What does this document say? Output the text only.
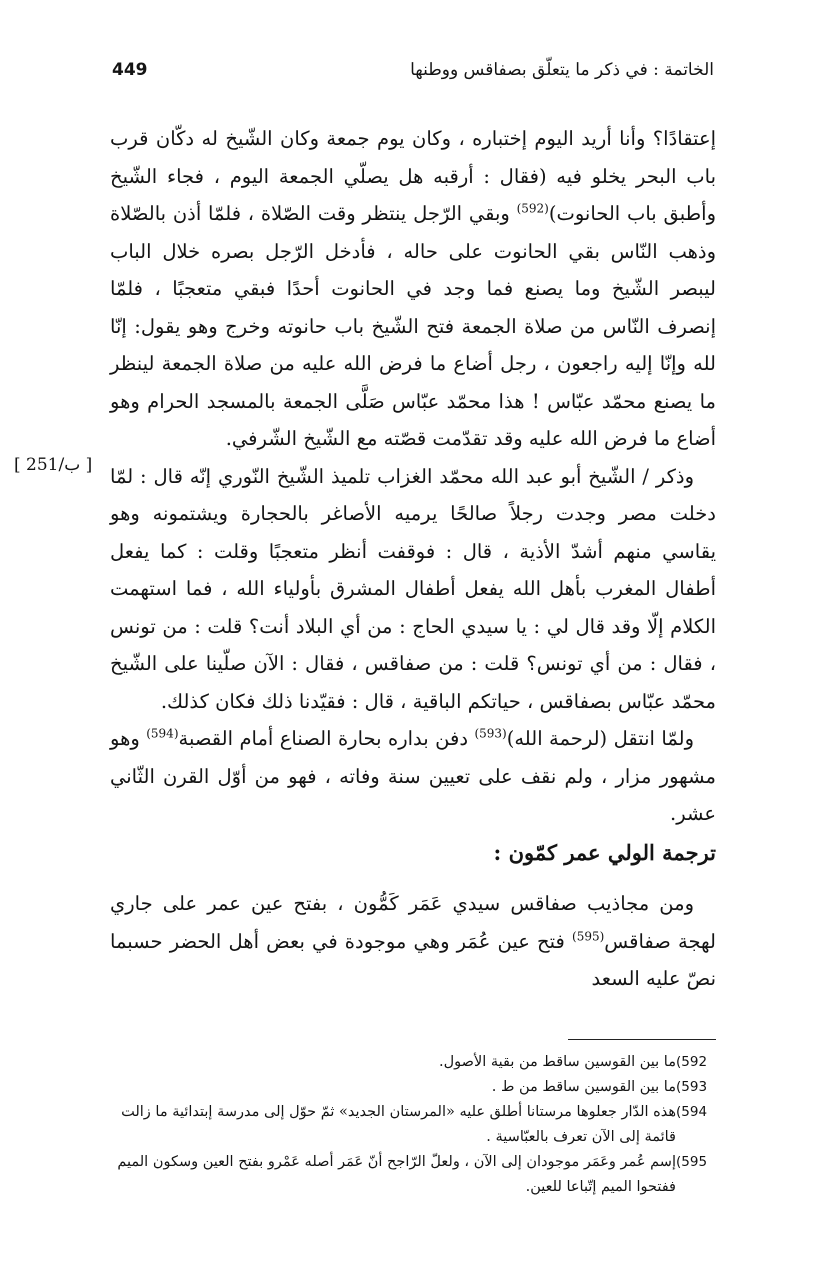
449	الخاتمة : في ذكر ما يتعلّق بصفاقس ووطنها
[ 251/ب ]

إعتقادًا؟ وأنا أريد اليوم إختباره ، وكان يوم جمعة وكان الشّيخ له دكّان قرب باب البحر يخلو فيه (فقال : أرقبه هل يصلّي الجمعة اليوم ، فجاء الشّيخ وأطبق باب الحانوت)$^{(592)}$ وبقي الرّجل ينتظر وقت الصّلاة ، فلمّا أذن بالصّلاة وذهب النّاس بقي الحانوت على حاله ، فأدخل الرّجل بصره خلال الباب ليبصر الشّيخ وما يصنع فما وجد في الحانوت أحدًا فبقي متعجبًا ، فلمّا إنصرف النّاس من صلاة الجمعة فتح الشّيخ باب حانوته وخرج وهو يقول: إنّا لله وإنّا إليه راجعون ، رجل أضاع ما فرض الله عليه من صلاة الجمعة لينظر ما يصنع محمّد عبّاس ! هذا محمّد عبّاس صَلَّى الجمعة بالمسجد الحرام وهو أضاع ما فرض الله عليه وقد تقدّمت قصّته مع الشّيخ الشّرفي.

وذكر / الشّيخ أبو عبد الله محمّد الغزاب تلميذ الشّيخ النّوري إنّه قال : لمّا دخلت مصر وجدت رجلاً صالحًا يرميه الأصاغر بالحجارة ويشتمونه وهو يقاسي منهم أشدّ الأذية ، قال : فوقفت أنظر متعجبًا وقلت : كما يفعل أطفال المغرب بأهل الله يفعل أطفال المشرق بأولياء الله ، فما استهمت الكلام إلّا وقد قال لي : يا سيدي الحاج : من أي البلاد أنت؟ قلت : من تونس ، فقال : من أي تونس؟ قلت : من صفاقس ، فقال : الآن صلّينا على الشّيخ محمّد عبّاس بصفاقس ، حياتكم الباقية ، قال : فقيّدنا ذلك فكان كذلك.

ولمّا انتقل (لرحمة الله)$^{(593)}$ دفن بداره بحارة الصناع أمام القصبة$^{(594)}$ وهو مشهور مزار ، ولم نقف على تعيين سنة وفاته ، فهو من أوّل القرن الثّاني عشر.

ترجمة الولي عمر كمّون :

ومن مجاذيب صفاقس سيدي عَمَر كَمُّون ، بفتح عين عمر على جاري لهجة صفاقس$^{(595)}$ فتح عين عُمَر وهي موجودة في بعض أهل الحضر حسبما نصّ عليه السعد

(592
ما بين القوسين ساقط من بقية الأصول.
(593
ما بين القوسين ساقط من ط .
(594
هذه الدّار جعلوها مرستانا أطلق عليه «المرستان الجديد» ثمّ حوّل إلى مدرسة إبتدائية ما زالت قائمة إلى الآن تعرف بالعبّاسية .
(595
إسم عُمر وعَمَر موجودان إلى الآن ، ولعلّ الرّاجح أنّ عَمَر أصله عَمْرو بفتح العين وسكون الميم ففتحوا الميم إتّباعا للعين.
